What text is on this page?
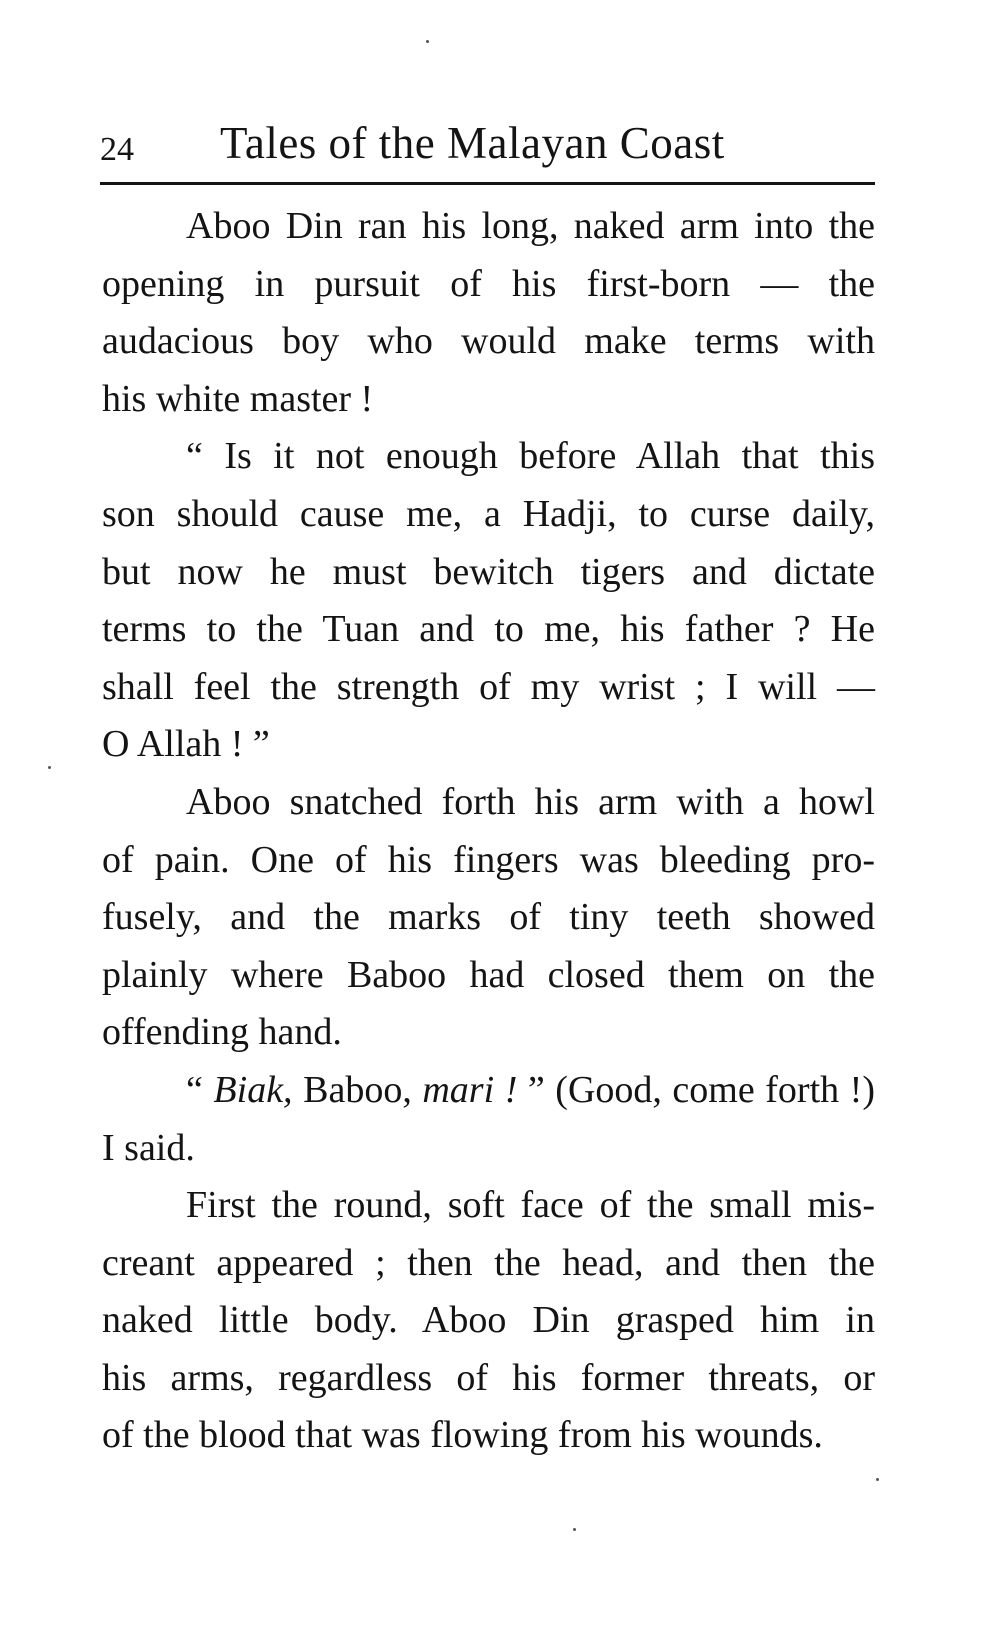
24 Tales of the Malayan Coast
Aboo Din ran his long, naked arm into the
opening in pursuit of his first-born — the
audacious boy who would make terms with
his white master !
“ Is it not enough before Allah that this
son should cause me, a Hadji, to curse daily,
but now he must bewitch tigers and dictate
terms to the Tuan and to me, his father ? He
shall feel the strength of my wrist ; I will —
O Allah ! ”
Aboo snatched forth his arm with a howl
of pain. One of his fingers was bleeding pro-
fusely, and the marks of tiny teeth showed
plainly where Baboo had closed them on the
offending hand.
“ Biak, Baboo, mari ! ” (Good, come forth !)
I said.
First the round, soft face of the small mis-
creant appeared ; then the head, and then the
naked little body. Aboo Din grasped him in
his arms, regardless of his former threats, or
of the blood that was flowing from his wounds.
